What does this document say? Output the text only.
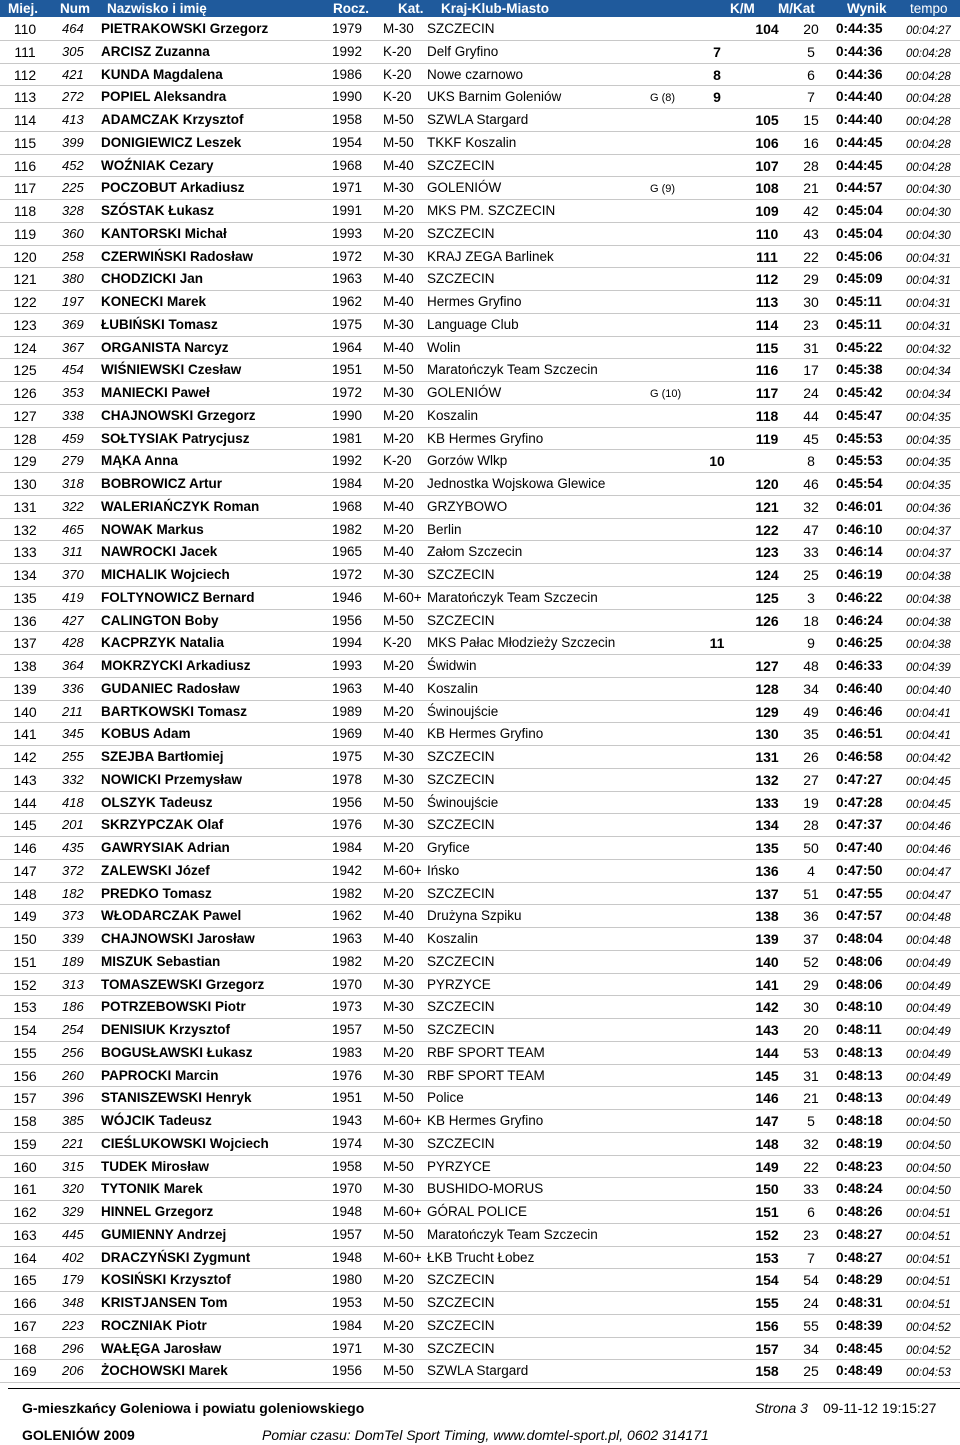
Miej. Num Nazwisko i imię	Rocz. Kat. Kraj-Klub-Miasto	K/M M/Kat Wynik tempo
110	464 PIETRAKOWSKI Grzegorz	1979 M-30 SZCZECIN	104	20 0:44:35 00:04:27
111	305 ARCISZ Zuzanna	1992 K-20 Delf Gryfino	7	5	0:44:36 00:04:28
112	421 KUNDA Magdalena	1986 K-20 Nowe czarnowo	8	6	0:44:36 00:04:28
113	272 POPIEL Aleksandra	1990 K-20 UKS Barnim Goleniów	G (8)	9	7	0:44:40 00:04:28
114	413 ADAMCZAK Krzysztof	1958 M-50 SZWLA Stargard	105	15 0:44:40 00:04:28
115	399 DONIGIEWICZ Leszek	1954 M-50 TKKF Koszalin	106	16 0:44:45 00:04:28
116	452 WOŹNIAK Cezary	1968 M-40 SZCZECIN	107	28 0:44:45 00:04:28
117	225 POCZOBUT Arkadiusz	1971 M-30 GOLENIÓW	G (9)	108	21 0:44:57 00:04:30
118	328 SZÓSTAK Łukasz	1991 M-20 MKS PM. SZCZECIN	109	42 0:45:04 00:04:30
119	360 KANTORSKI Michał	1993 M-20 SZCZECIN	110	43 0:45:04 00:04:30
120	258 CZERWIŃSKI Radosław	1972 M-30 KRAJ ZEGA Barlinek	111	22 0:45:06 00:04:31
121	380 CHODZICKI Jan	1963 M-40 SZCZECIN	112	29 0:45:09 00:04:31
122	197 KONECKI Marek	1962 M-40 Hermes Gryfino	113	30 0:45:11 00:04:31
123	369 ŁUBIŃSKI Tomasz	1975 M-30 Language Club	114	23 0:45:11 00:04:31
124	367 ORGANISTA Narcyz	1964 M-40 Wolin	115	31 0:45:22 00:04:32
125	454 WIŚNIEWSKI Czesław	1951 M-50 Maratończyk Team Szczecin	116	17 0:45:38 00:04:34
126	353 MANIECKI Paweł	1972 M-30 GOLENIÓW	G (10)	117	24 0:45:42 00:04:34
127	338 CHAJNOWSKI Grzegorz	1990 M-20 Koszalin	118	44 0:45:47 00:04:35
128	459 SOŁTYSIAK Patrycjusz	1981 M-20 KB Hermes Gryfino	119	45 0:45:53 00:04:35
129	279 MĄKA Anna	1992 K-20 Gorzów Wlkp	10	8	0:45:53 00:04:35
130	318 BOBROWICZ Artur	1984 M-20 Jednostka Wojskowa Glewice	120	46 0:45:54 00:04:35
131	322 WALERIAŃCZYK Roman	1968 M-40 GRZYBOWO	121	32 0:46:01 00:04:36
132	465 NOWAK Markus	1982 M-20 Berlin	122	47 0:46:10 00:04:37
133	311 NAWROCKI Jacek	1965 M-40 Załom Szczecin	123	33 0:46:14 00:04:37
134	370 MICHALIK Wojciech	1972 M-30 SZCZECIN	124	25 0:46:19 00:04:38
135	419 FOLTYNOWICZ Bernard	1946 M-60+ Maratończyk Team Szczecin	125	3	0:46:22 00:04:38
136	427 CALINGTON Boby	1956 M-50 SZCZECIN	126	18 0:46:24 00:04:38
137	428 KACPRZYK Natalia	1994 K-20 MKS Pałac Młodzieży Szczecin	11	9	0:46:25 00:04:38
138	364 MOKRZYCKI Arkadiusz	1993 M-20 Świdwin	127	48 0:46:33 00:04:39
139	336 GUDANIEC Radosław	1963 M-40 Koszalin	128	34 0:46:40 00:04:40
140	211 BARTKOWSKI Tomasz	1989 M-20 Świnoujście	129	49 0:46:46 00:04:41
141	345 KOBUS Adam	1969 M-40 KB Hermes Gryfino	130	35 0:46:51 00:04:41
142	255 SZEJBA Bartłomiej	1975 M-30 SZCZECIN	131	26 0:46:58 00:04:42
143	332 NOWICKI Przemysław	1978 M-30 SZCZECIN	132	27 0:47:27 00:04:45
144	418 OLSZYK Tadeusz	1956 M-50 Świnoujście	133	19 0:47:28 00:04:45
145	201 SKRZYPCZAK Olaf	1976 M-30 SZCZECIN	134	28 0:47:37 00:04:46
146	435 GAWRYSIAK Adrian	1984 M-20 Gryfice	135	50 0:47:40 00:04:46
147	372 ZALEWSKI Józef	1942 M-60+ Ińsko	136	4	0:47:50 00:04:47
148	182 PREDKO Tomasz	1982 M-20 SZCZECIN	137	51 0:47:55 00:04:47
149	373 WŁODARCZAK Pawel	1962 M-40 Drużyna Szpiku	138	36 0:47:57 00:04:48
150	339 CHAJNOWSKI Jarosław	1963 M-40 Koszalin	139	37 0:48:04 00:04:48
151	189 MISZUK Sebastian	1982 M-20 SZCZECIN	140	52 0:48:06 00:04:49
152	313 TOMASZEWSKI Grzegorz	1970 M-30 PYRZYCE	141	29 0:48:06 00:04:49
153	186 POTRZEBOWSKI Piotr	1973 M-30 SZCZECIN	142	30 0:48:10 00:04:49
154	254 DENISIUK Krzysztof	1957 M-50 SZCZECIN	143	20 0:48:11 00:04:49
155	256 BOGUSŁAWSKI Łukasz	1983 M-20 RBF SPORT TEAM	144	53 0:48:13 00:04:49
156	260 PAPROCKI Marcin	1976 M-30 RBF SPORT TEAM	145	31 0:48:13 00:04:49
157	396 STANISZEWSKI Henryk	1951 M-50 Police	146	21 0:48:13 00:04:49
158	385 WÓJCIK Tadeusz	1943 M-60+ KB Hermes Gryfino	147	5	0:48:18 00:04:50
159	221 CIEŚLUKOWSKI Wojciech	1974 M-30 SZCZECIN	148	32 0:48:19 00:04:50
160	315 TUDEK Mirosław	1958 M-50 PYRZYCE	149	22 0:48:23 00:04:50
161	320 TYTONIK Marek	1970 M-30 BUSHIDO-MORUS	150	33 0:48:24 00:04:50
162	329 HINNEL Grzegorz	1948 M-60+ GÓRAL POLICE	151	6	0:48:26 00:04:51
163	445 GUMIENNY Andrzej	1957 M-50 Maratończyk Team Szczecin	152	23 0:48:27 00:04:51
164	402 DRACZYŃSKI Zygmunt	1948 M-60+ ŁKB Trucht Łobez	153	7	0:48:27 00:04:51
165	179 KOSIŃSKI Krzysztof	1980 M-20 SZCZECIN	154	54 0:48:29 00:04:51
166	348 KRISTJANSEN Tom	1953 M-50 SZCZECIN	155	24 0:48:31 00:04:51
167	223 ROCZNIAK Piotr	1984 M-20 SZCZECIN	156	55 0:48:39 00:04:52
168	296 WAŁĘGA Jarosław	1971 M-30 SZCZECIN	157	34 0:48:45 00:04:52
169	206 ŻOCHOWSKI Marek	1956 M-50 SZWLA Stargard	158	25 0:48:49 00:04:53
G-mieszkańcy Goleniowa i powiatu goleniowskiego	Strona 3 09-11-12 19:15:27
GOLENIÓW 2009	Pomiar czasu: DomTel Sport Timing, www.domtel-sport.pl, 0602 314171
